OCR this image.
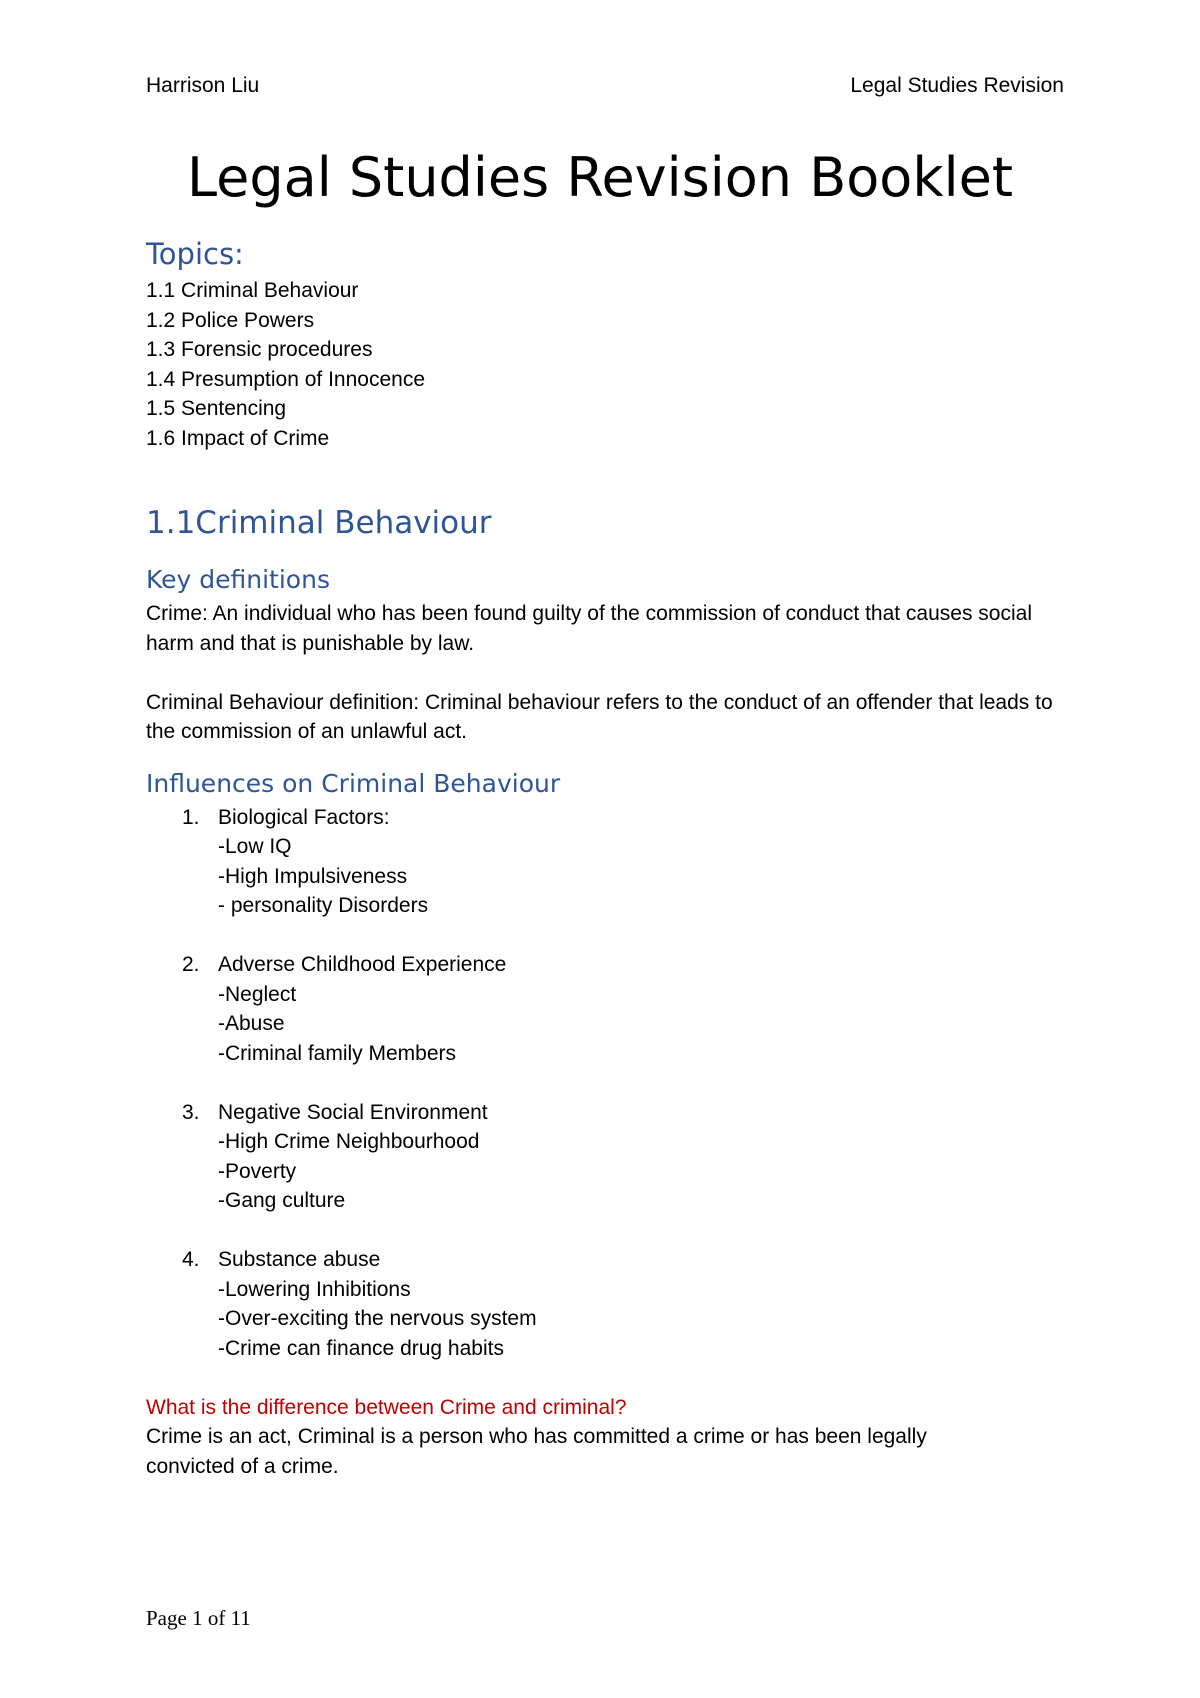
Harrison Liu	Legal Studies Revision
Legal Studies Revision Booklet
Topics:

1.1 Criminal Behaviour

1.2 Police Powers

1.3 Forensic procedures

1.4 Presumption of Innocence

1.5 Sentencing

1.6 Impact of Crime

1.1Criminal Behaviour
Key definitions

Crime: An individual who has been found guilty of the commission of conduct that causes social harm and that is punishable by law.

Criminal Behaviour definition: Criminal behaviour refers to the conduct of an offender that leads to the commission of an unlawful act.

Influences on Criminal Behaviour
1. Biological Factors:
-Low IQ
-High Impulsiveness
- personality Disorders
2. Adverse Childhood Experience
-Neglect
-Abuse
-Criminal family Members
3. Negative Social Environment
-High Crime Neighbourhood
-Poverty
-Gang culture
4. Substance abuse
-Lowering Inhibitions
-Over-exciting the nervous system
-Crime can finance drug habits

What is the difference between Crime and criminal?

Crime is an act, Criminal is a person who has committed a crime or has been legally convicted of a crime.

Page 1 of 11
